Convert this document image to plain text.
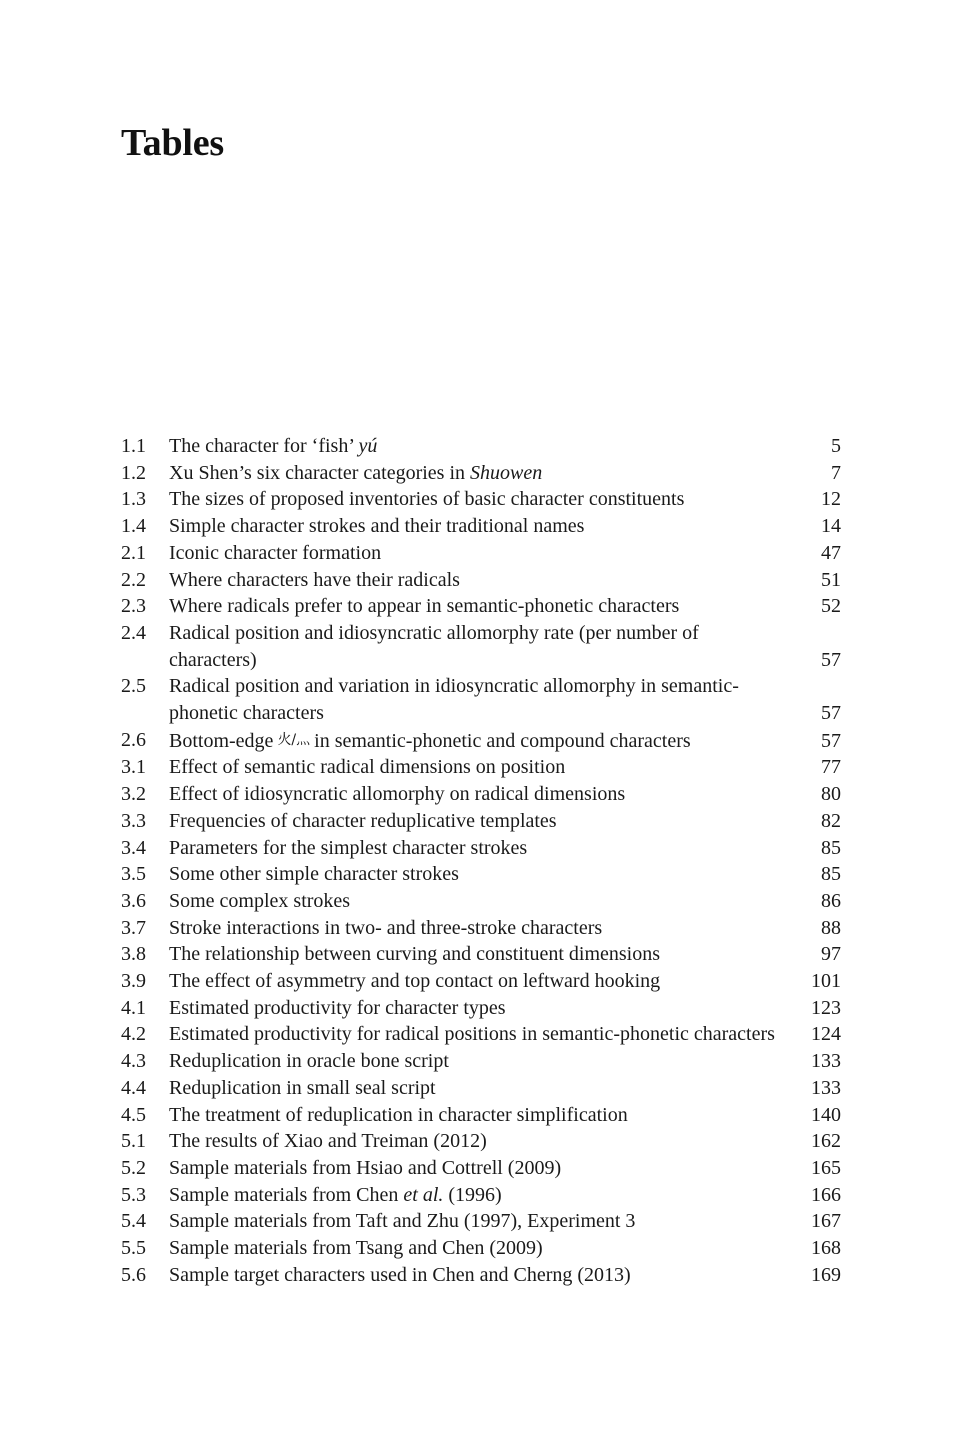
Tables
1.1	The character for ‘fish’ yú	5
1.2	Xu Shen’s six character categories in Shuowen	7
1.3	The sizes of proposed inventories of basic character constituents	12
1.4	Simple character strokes and their traditional names	14
2.1	Iconic character formation	47
2.2	Where characters have their radicals	51
2.3	Where radicals prefer to appear in semantic-phonetic characters	52
2.4	Radical position and idiosyncratic allomorphy rate (per number of characters)	57
2.5	Radical position and variation in idiosyncratic allomorphy in semantic-phonetic characters	57
2.6	Bottom-edge 火/灬 in semantic-phonetic and compound characters	57
3.1	Effect of semantic radical dimensions on position	77
3.2	Effect of idiosyncratic allomorphy on radical dimensions	80
3.3	Frequencies of character reduplicative templates	82
3.4	Parameters for the simplest character strokes	85
3.5	Some other simple character strokes	85
3.6	Some complex strokes	86
3.7	Stroke interactions in two- and three-stroke characters	88
3.8	The relationship between curving and constituent dimensions	97
3.9	The effect of asymmetry and top contact on leftward hooking	101
4.1	Estimated productivity for character types	123
4.2	Estimated productivity for radical positions in semantic-phonetic characters	124
4.3	Reduplication in oracle bone script	133
4.4	Reduplication in small seal script	133
4.5	The treatment of reduplication in character simplification	140
5.1	The results of Xiao and Treiman (2012)	162
5.2	Sample materials from Hsiao and Cottrell (2009)	165
5.3	Sample materials from Chen et al. (1996)	166
5.4	Sample materials from Taft and Zhu (1997), Experiment 3	167
5.5	Sample materials from Tsang and Chen (2009)	168
5.6	Sample target characters used in Chen and Cherng (2013)	169
